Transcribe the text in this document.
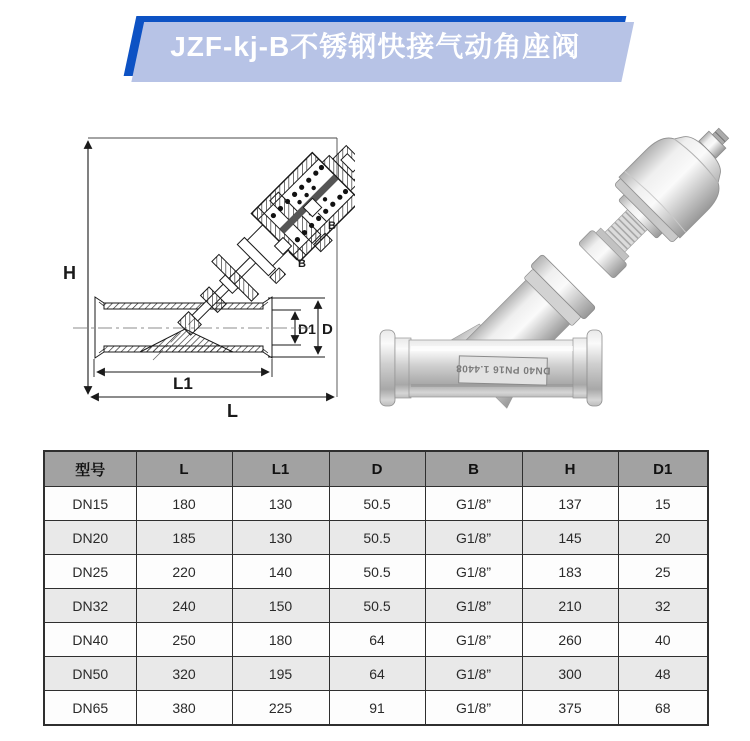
JZF-kj-B不锈钢快接气动角座阀
H
L
L1
D1 D
B
B
DN40 PN16 1.4408
型号	L	L1	D	B	H	D1
DN15	180	130	50.5	G1/8”	137	15
DN20	185	130	50.5	G1/8”	145	20
DN25	220	140	50.5	G1/8”	183	25
DN32	240	150	50.5	G1/8”	210	32
DN40	250	180	64	G1/8”	260	40
DN50	320	195	64	G1/8”	300	48
DN65	380	225	91	G1/8”	375	68
